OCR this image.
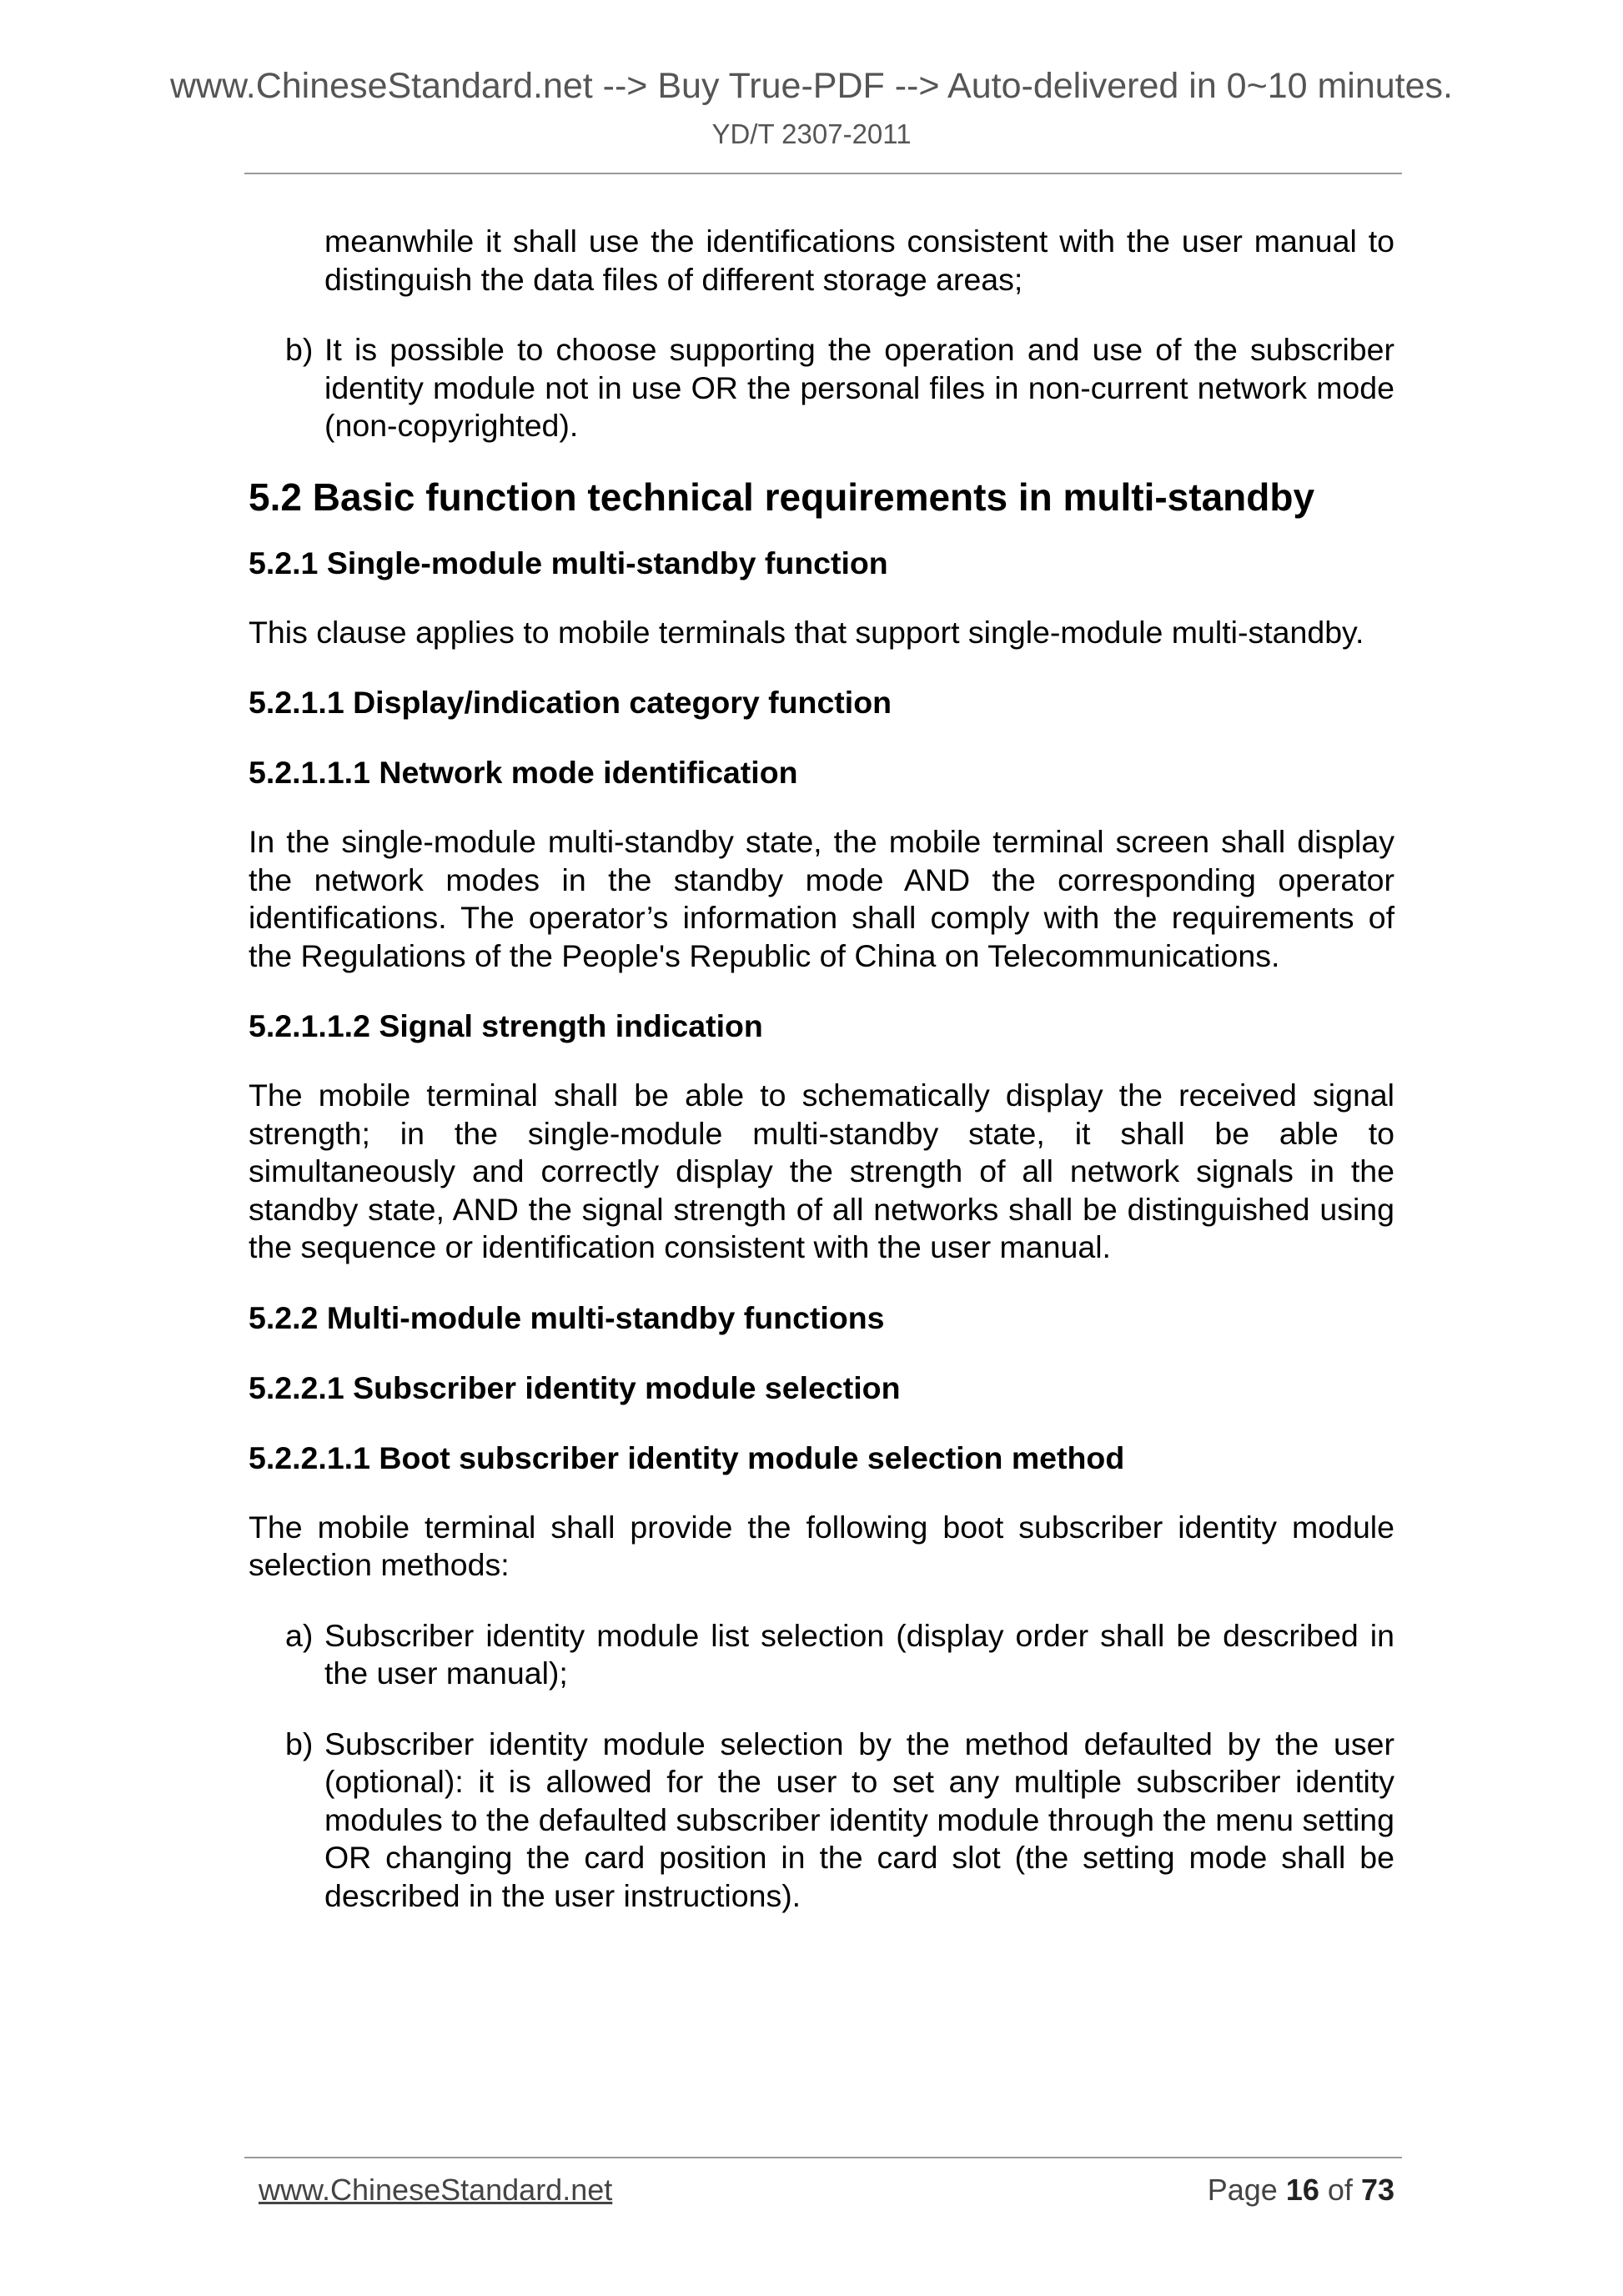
www.ChineseStandard.net --> Buy True-PDF --> Auto-delivered in 0~10 minutes.
YD/T 2307-2011

meanwhile it shall use the identifications consistent with the user manual to distinguish the data files of different storage areas;

b) It is possible to choose supporting the operation and use of the subscriber identity module not in use OR the personal files in non-current network mode (non-copyrighted).
5.2 Basic function technical requirements in multi-standby
5.2.1 Single-module multi-standby function

This clause applies to mobile terminals that support single-module multi-standby.

5.2.1.1 Display/indication category function
5.2.1.1.1 Network mode identification

In the single-module multi-standby state, the mobile terminal screen shall display the network modes in the standby mode AND the corresponding operator identifications. The operator’s information shall comply with the requirements of the Regulations of the People's Republic of China on Telecommunications.

5.2.1.1.2 Signal strength indication

The mobile terminal shall be able to schematically display the received signal strength; in the single-module multi-standby state, it shall be able to simultaneously and correctly display the strength of all network signals in the standby state, AND the signal strength of all networks shall be distinguished using the sequence or identification consistent with the user manual.

5.2.2 Multi-module multi-standby functions
5.2.2.1 Subscriber identity module selection
5.2.2.1.1 Boot subscriber identity module selection method

The mobile terminal shall provide the following boot subscriber identity module selection methods:

a) Subscriber identity module list selection (display order shall be described in the user manual);
b) Subscriber identity module selection by the method defaulted by the user (optional): it is allowed for the user to set any multiple subscriber identity modules to the defaulted subscriber identity module through the menu setting OR changing the card position in the card slot (the setting mode shall be described in the user instructions).
www.ChineseStandard.net	Page 16 of 73
